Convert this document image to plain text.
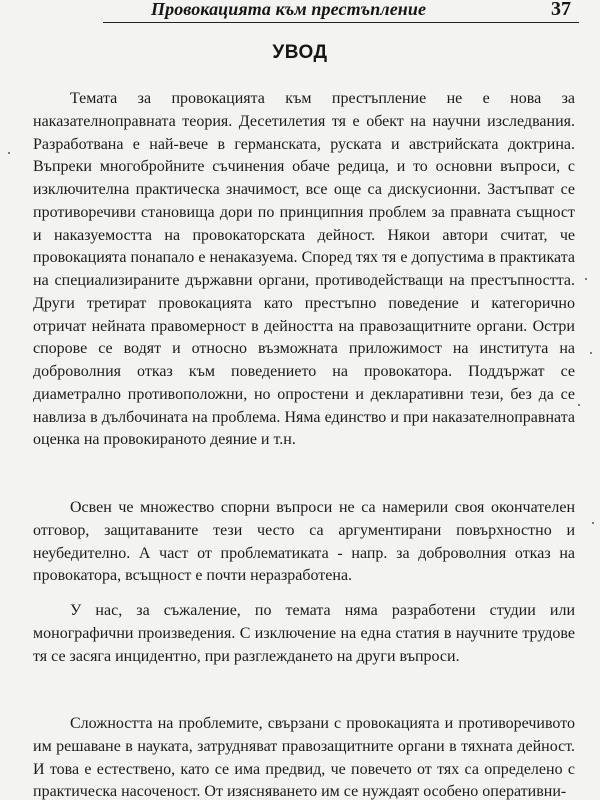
Провокацията към престъпление	37
УВОД

Темата за провокацията към престъпление не е нова за наказателноправната теория. Десетилетия тя е обект на научни изследвания. Разработвана е най-вече в германската, руската и австрийската доктрина. Въпреки многобройните съчинения обаче редица, и то основни въпроси, с изключителна практическа значимост, все още са дискусионни. Застъпват се противоречиви становища дори по принципния проблем за правната същност и наказуемостта на провокаторската дейност. Някои автори считат, че провокацията понапало е ненаказуема. Според тях тя е допустима в практиката на специализираните държавни органи, противодействащи на престъпността. Други третират провокацията като престъпно поведение и категорично отричат нейната правомерност в дейността на правозащитните органи. Остри спорове се водят и относно възможната приложимост на института на доброволния отказ към поведението на провокатора. Поддържат се диаметрално противоположни, но опростени и декларативни тези, без да се навлиза в дълбочината на проблема. Няма единство и при наказателноправната оценка на провокираното деяние и т.н.

Освен че множество спорни въпроси не са намерили своя окончателен отговор, защитаваните тези често са аргументирани повърхностно и неубедително. А част от проблематиката - напр. за доброволния отказ на провокатора, всъщност е почти неразработена.

У нас, за съжаление, по темата няма разработени студии или монографични произведения. С изключение на една статия в научните трудове тя се засяга инцидентно, при разглеждането на други въпроси.

Сложността на проблемите, свързани с провокацията и противоречивото им решаване в науката, затрудняват правозащитните органи в тяхната дейност. И това е естествено, като се има предвид, че повечето от тях са определено с практическа насоченост. От изясняването им се нуждаят особено оперативни-
